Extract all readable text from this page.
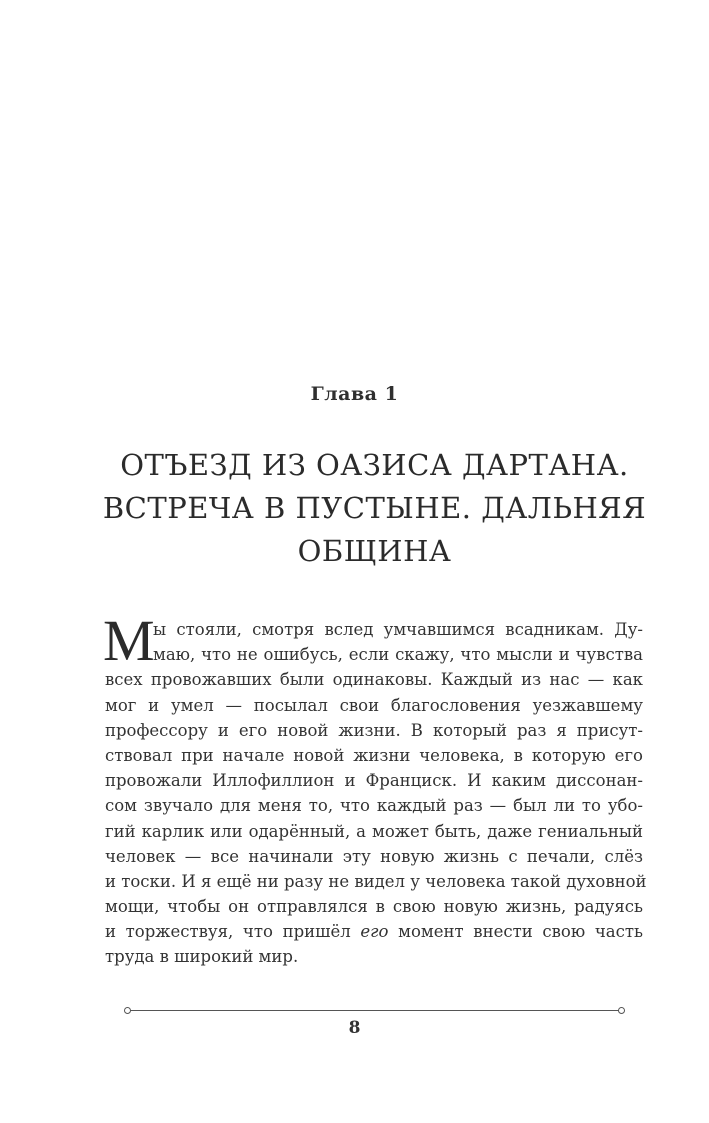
Глава 1
ОТЪЕЗД ИЗ ОАЗИСА ДАРТАНА.
ВСТРЕЧА В ПУСТЫНЕ. ДАЛЬНЯЯ
ОБЩИНА
М
ы стояли, смотря вслед умчавшимся всадникам. Ду-
маю, что не ошибусь, если скажу, что мысли и чувства
всех провожавших были одинаковы. Каждый из нас — как
мог и умел — посылал свои благословения уезжавшему
профессору и его новой жизни. В который раз я присут-
ствовал при начале новой жизни человека, в которую его
провожали Иллофиллион и Франциск. И каким диссонан-
сом звучало для меня то, что каждый раз — был ли то убо-
гий карлик или одарённый, а может быть, даже гениальный
человек — все начинали эту новую жизнь с печали, слёз
и тоски. И я ещё ни разу не видел у человека такой духовной
мощи, чтобы он отправлялся в свою новую жизнь, радуясь
и торжествуя, что пришёл его момент внести свою часть
труда в широкий мир.
8
